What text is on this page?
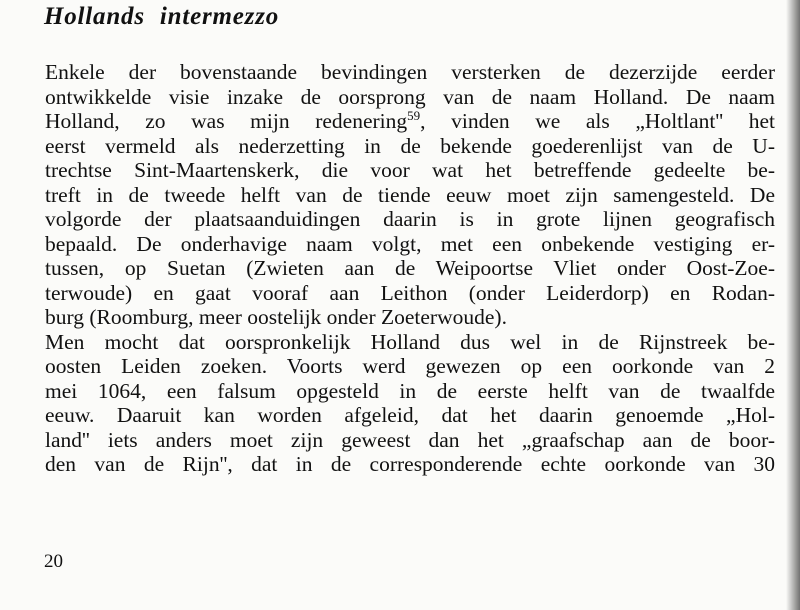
Hollands intermezzo
Enkele der bovenstaande bevindingen versterken de dezerzijde eerder
ontwikkelde visie inzake de oorsprong van de naam Holland. De naam
Holland, zo was mijn redenering$^{59}$, vinden we als „Holtlant'' het
eerst vermeld als nederzetting in de bekende goederenlijst van de U-
trechtse Sint-Maartenskerk, die voor wat het betreffende gedeelte be-
treft in de tweede helft van de tiende eeuw moet zijn samengesteld. De
volgorde der plaatsaanduidingen daarin is in grote lijnen geografisch
bepaald. De onderhavige naam volgt, met een onbekende vestiging er-
tussen, op Suetan (Zwieten aan de Weipoortse Vliet onder Oost-Zoe-
terwoude) en gaat vooraf aan Leithon (onder Leiderdorp) en Rodan-
burg (Roomburg, meer oostelijk onder Zoeterwoude).
Men mocht dat oorspronkelijk Holland dus wel in de Rijnstreek be-
oosten Leiden zoeken. Voorts werd gewezen op een oorkonde van 2
mei 1064, een falsum opgesteld in de eerste helft van de twaalfde
eeuw. Daaruit kan worden afgeleid, dat het daarin genoemde „Hol-
land'' iets anders moet zijn geweest dan het „graafschap aan de boor-
den van de Rijn'', dat in de corresponderende echte oorkonde van 30
20
